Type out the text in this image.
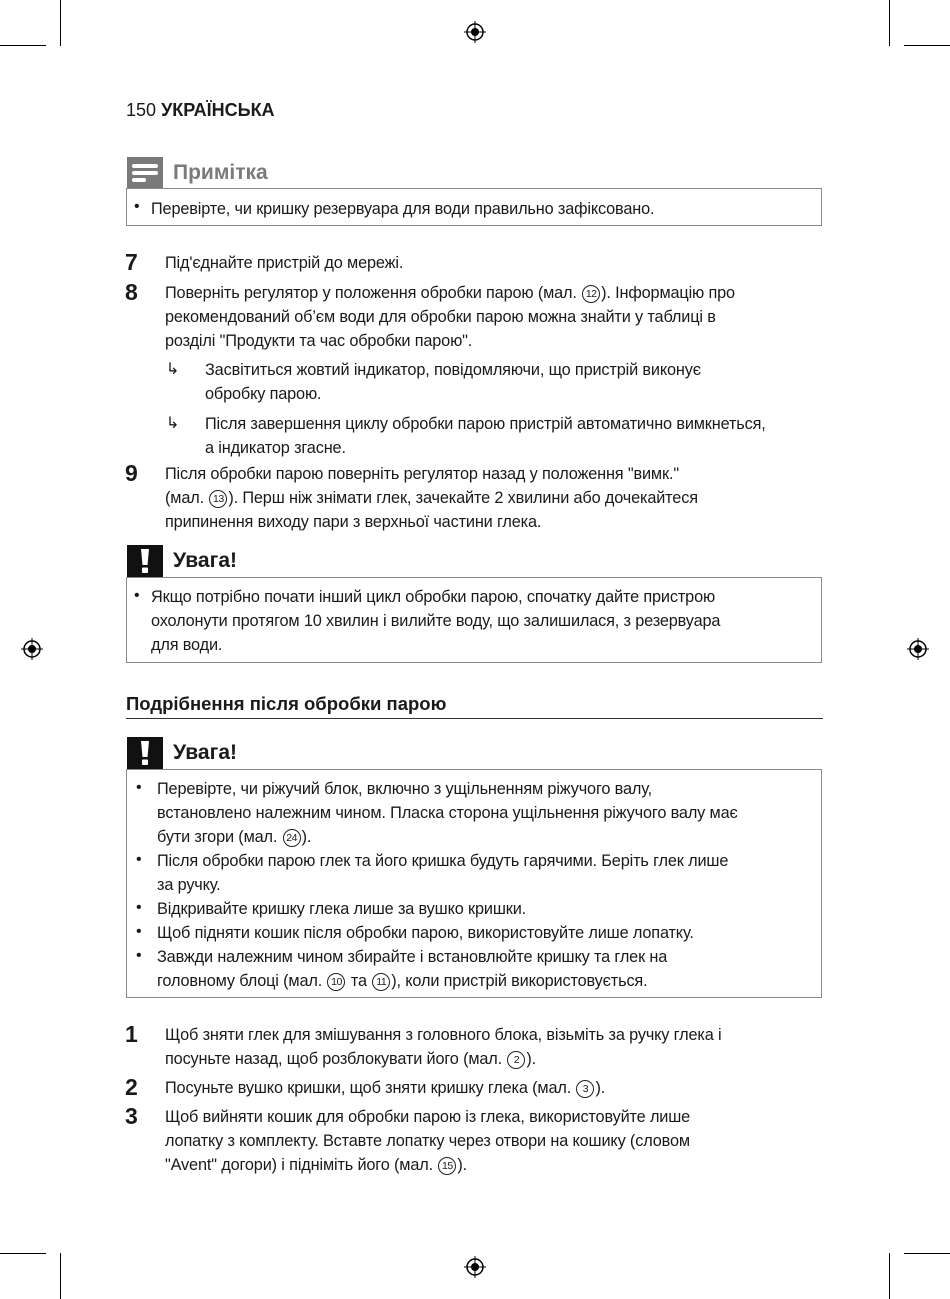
150 УКРАЇНСЬКА
Примітка
• Перевірте, чи кришку резервуара для води правильно зафіксовано.
7 Під'єднайте пристрій до мережі.
8 Поверніть регулятор у положення обробки парою (мал. 12 ). Інформацію про
рекомендований об’єм води для обробки парою можна знайти у таблиці в
розділі "Продукти та час обробки парою".
↳ Засвітиться жовтий індикатор, повідомляючи, що пристрій виконує
обробку парою.
↳ Після завершення циклу обробки парою пристрій автоматично вимкнеться,
а індикатор згасне.
9 Після обробки парою поверніть регулятор назад у положення "вимк."
(мал. 13 ). Перш ніж знімати глек, зачекайте 2 хвилини або дочекайтеся
припинення виходу пари з верхньої частини глека.
Увага!
• Якщо потрібно почати інший цикл обробки парою, спочатку дайте пристрою
охолонути протягом 10 хвилин і вилийте воду, що залишилася, з резервуара
для води.
Подрібнення після обробки парою
Увага!
• Перевірте, чи ріжучий блок, включно з ущільненням ріжучого валу,
встановлено належним чином. Пласка сторона ущільнення ріжучого валу має
бути згори (мал. 24 ).
• Після обробки парою глек та його кришка будуть гарячими. Беріть глек лише
за ручку.
• Відкривайте кришку глека лише за вушко кришки.
• Щоб підняти кошик після обробки парою, використовуйте лише лопатку.
• Завжди належним чином збирайте і встановлюйте кришку та глек на
головному блоці (мал. 10 та 11 ), коли пристрій використовується.
1 Щоб зняти глек для змішування з головного блока, візьміть за ручку глека і
посуньте назад, щоб розблокувати його (мал. 2 ).
2 Посуньте вушко кришки, щоб зняти кришку глека (мал. 3 ).
3 Щоб вийняти кошик для обробки парою із глека, використовуйте лише
лопатку з комплекту. Вставте лопатку через отвори на кошику (словом
"Avent" догори) і підніміть його (мал. 15 ).
